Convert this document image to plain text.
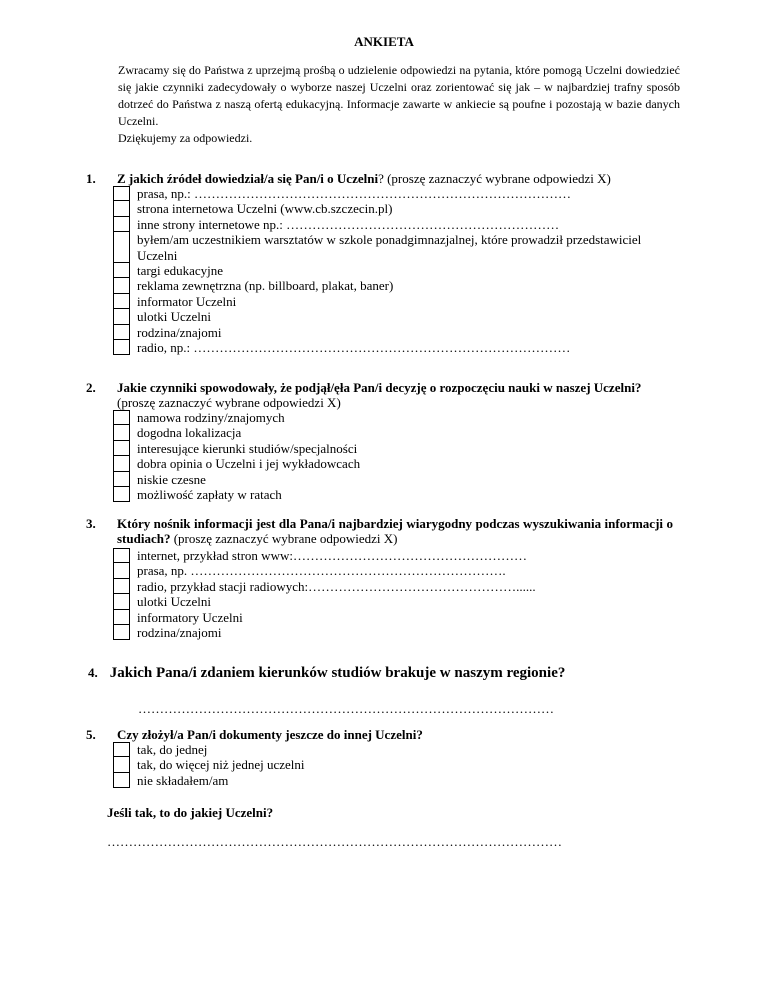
ANKIETA

Zwracamy się do Państwa z uprzejmą prośbą o udzielenie odpowiedzi na pytania, które pomogą Uczelni dowiedzieć się jakie czynniki zadecydowały o wyborze naszej Uczelni oraz zorientować się jak – w najbardziej trafny sposób dotrzeć do Państwa z naszą ofertą edukacyjną. Informacje zawarte w ankiecie są poufne i pozostają w bazie danych Uczelni.

Dziękujemy za odpowiedzi.

1. Z jakich źródeł dowiedział/a się Pan/i o Uczelni? (proszę zaznaczyć wybrane odpowiedzi X)
prasa, np.: ……………………………………………………………………………
strona internetowa Uczelni (www.cb.szczecin.pl)
inne strony internetowe np.: ………………………………………………………
byłem/am uczestnikiem warsztatów w szkole ponadgimnazjalnej, które prowadził przedstawiciel Uczelni
targi edukacyjne
reklama zewnętrzna (np. billboard, plakat, baner)
informator Uczelni
ulotki Uczelni
rodzina/znajomi
radio, np.: ……………………………………………………………………………
2. Jakie czynniki spowodowały, że podjął/ęła Pan/i decyzję o rozpoczęciu nauki w naszej Uczelni? (proszę zaznaczyć wybrane odpowiedzi X)
namowa rodziny/znajomych
dogodna lokalizacja
interesujące kierunki studiów/specjalności
dobra opinia o Uczelni i jej wykładowcach
niskie czesne
możliwość zapłaty w ratach
3. Który nośnik informacji jest dla Pana/i najbardziej wiarygodny podczas wyszukiwania informacji o studiach? (proszę zaznaczyć wybrane odpowiedzi X)
internet, przykład stron www:………………………………………………
prasa, np. ……………………………………………………………….
radio, przykład stacji radiowych:…………………………………………......
ulotki Uczelni
informatory Uczelni
rodzina/znajomi
4. Jakich Pana/i zdaniem kierunków studiów brakuje w naszym regionie?
……………………………………………………………………………………
5. Czy złożył/a Pan/i dokumenty jeszcze do innej Uczelni?
tak, do jednej
tak, do więcej niż jednej uczelni
nie składałem/am
Jeśli tak, to do jakiej Uczelni?
……………………………………………………………………………………………
